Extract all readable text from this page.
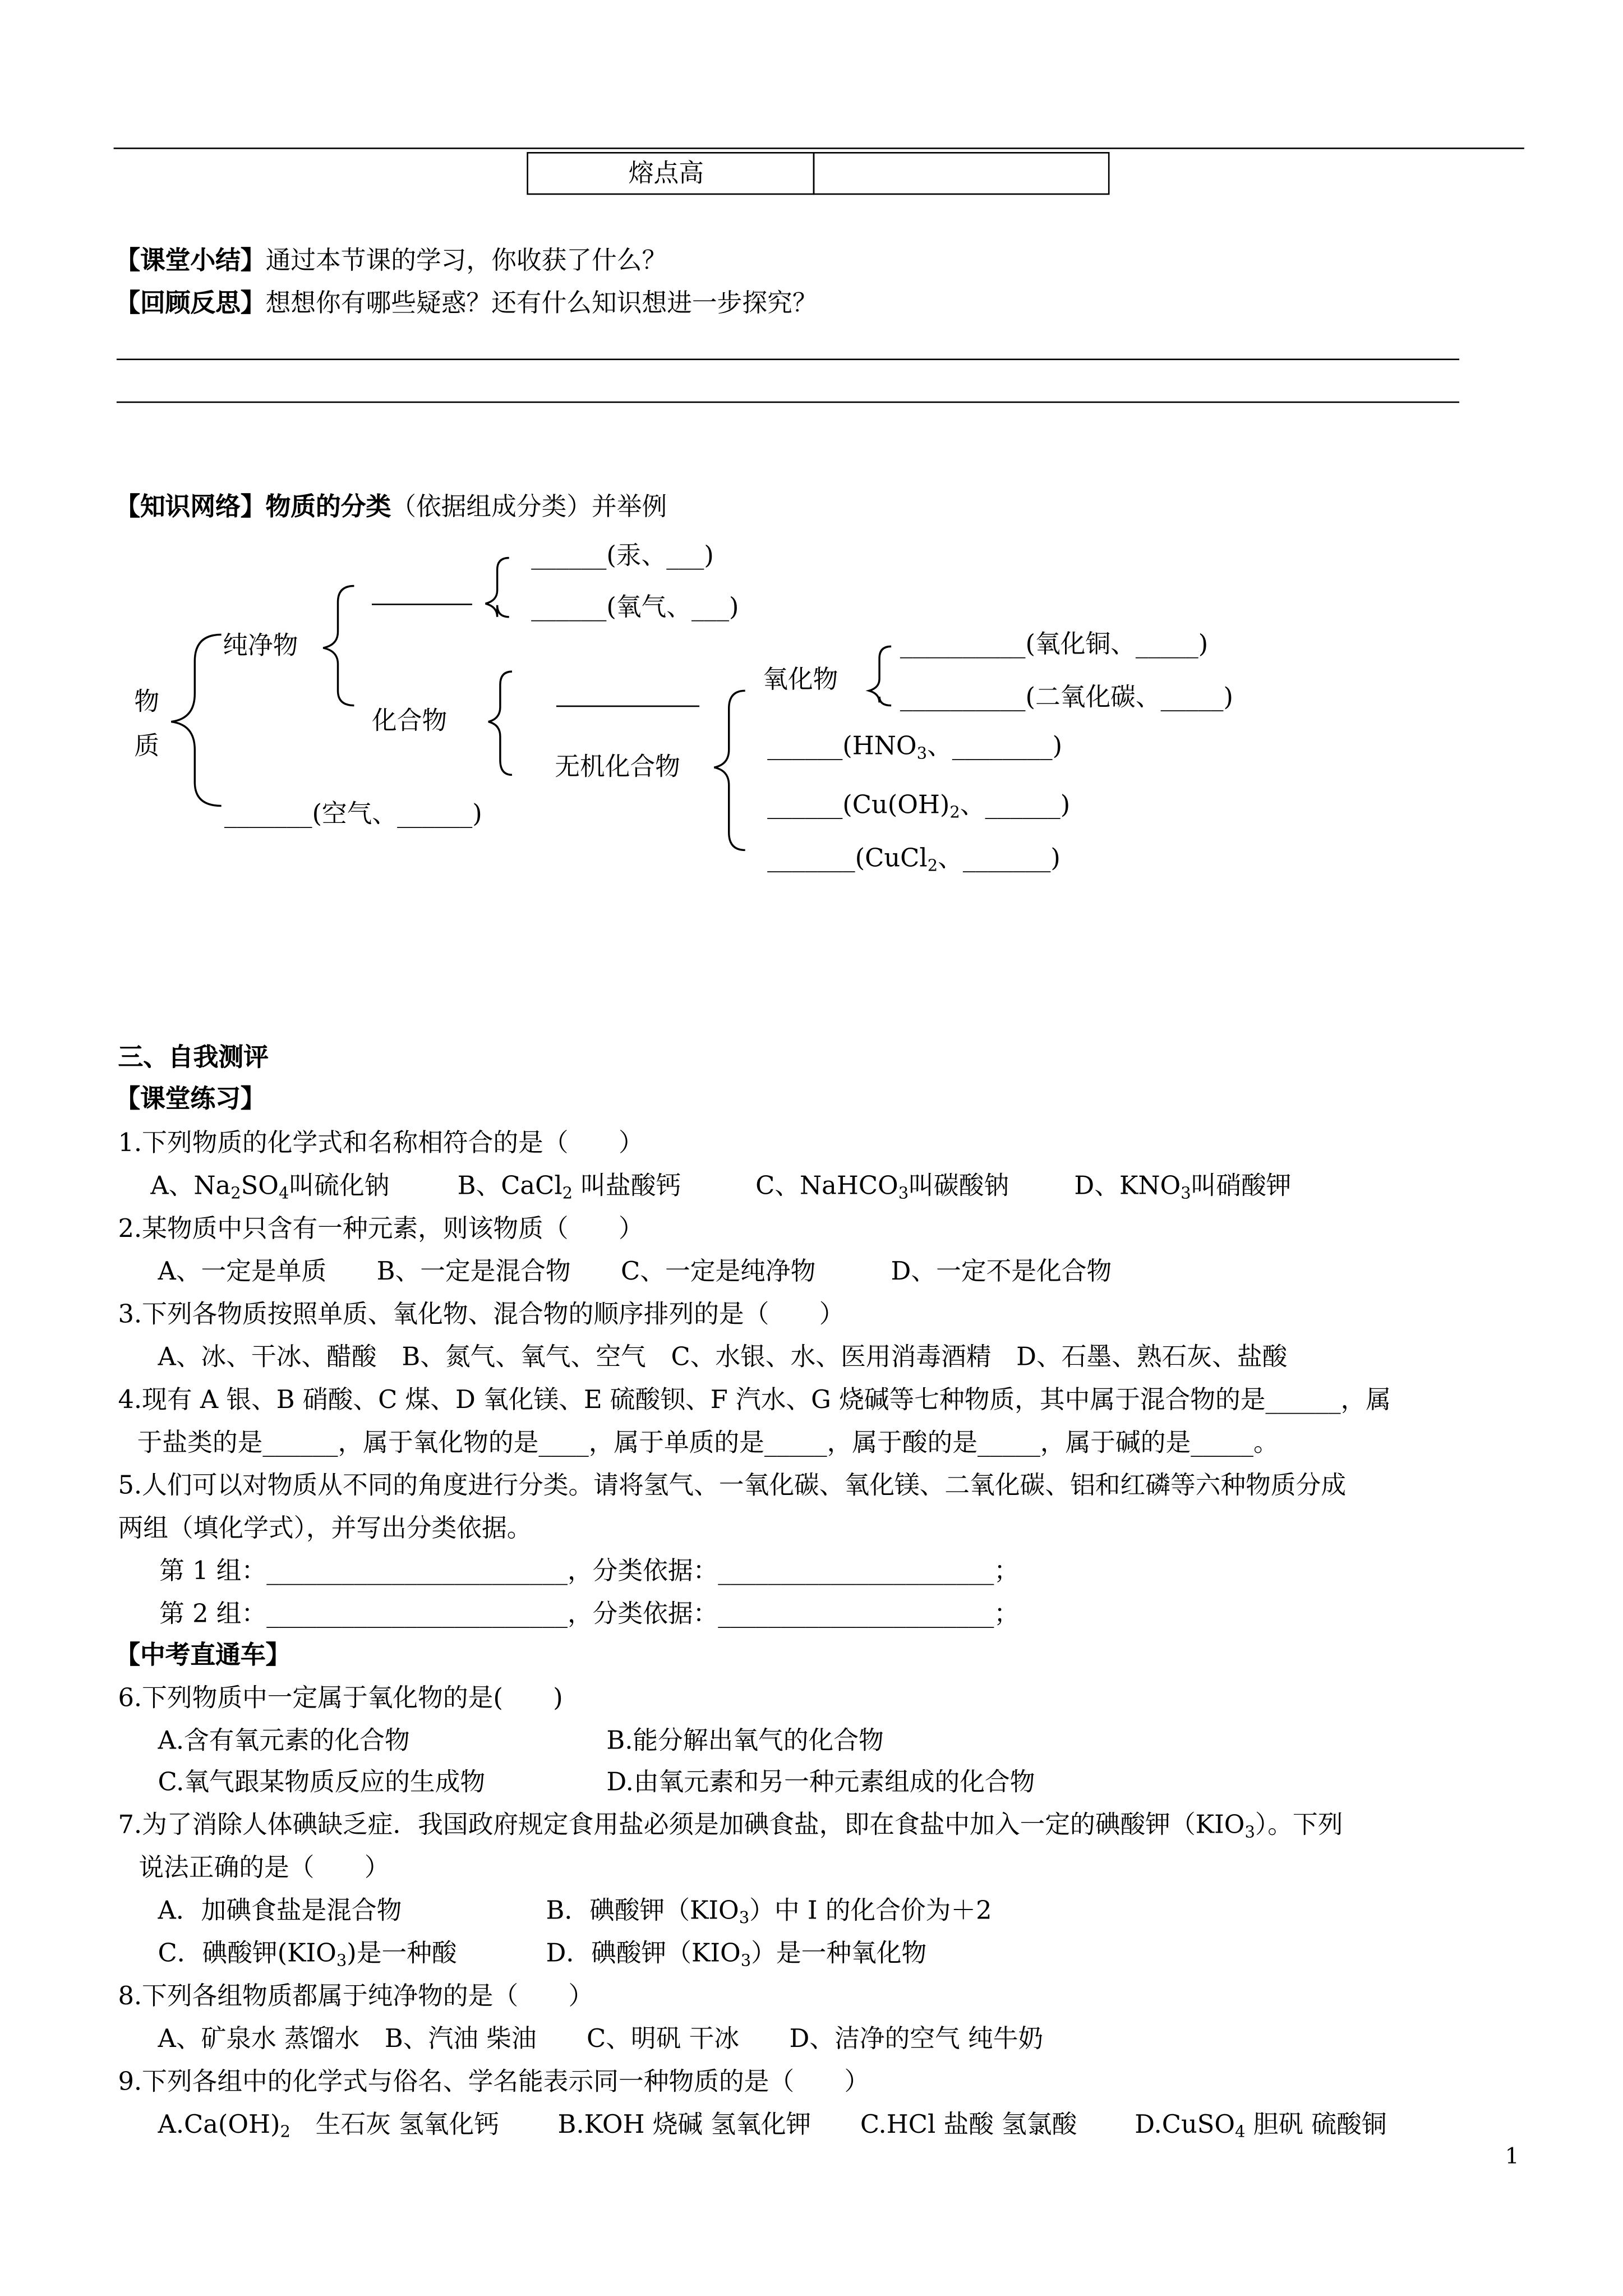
熔点高
【课堂小结】通过本节课的学习，你收获了什么？
【回顾反思】想想你有哪些疑惑？还有什么知识想进一步探究？
【知识网络】物质的分类（依据组成分类）并举例
物
质
纯净物
______(汞、___)
______(氧气、___)
化合物
无机化合物
氧化物
__________(氧化铜、_____)
__________(二氧化碳、_____)
$\_\_\_\_\_\_(HNO_3$、________)
$\_\_\_\_\_\_(Cu(OH)_2$、______)
_______(CuCl$_2$、_______)
_______(空气、______)
三、自我测评
【课堂练习】
1.下列物质的化学式和名称相符合的是（　　）
A、$Na_2SO_4$叫硫化钠	B、CaCl$_2$ 叫盐酸钙	C、NaHCO$_3$叫碳酸钠	D、$KNO_3$叫硝酸钾
2.某物质中只含有一种元素，则该物质（　　）
A、一定是单质　　B、一定是混合物　　C、一定是纯净物　　　D、一定不是化合物
3.下列各物质按照单质、氧化物、混合物的顺序排列的是（　　）
A、冰、干冰、醋酸　B、氮气、氧气、空气　C、水银、水、医用消毒酒精　D、石墨、熟石灰、盐酸
4.现有 A 银、B 硝酸、C 煤、D 氧化镁、E 硫酸钡、F 汽水、G 烧碱等七种物质，其中属于混合物的是______，属
于盐类的是______，属于氧化物的是____，属于单质的是_____，属于酸的是_____，属于碱的是_____。
5.人们可以对物质从不同的角度进行分类。请将氢气、一氧化碳、氧化镁、二氧化碳、铝和红磷等六种物质分成
两组（填化学式），并写出分类依据。
第 1 组：________________________，分类依据：______________________；
第 2 组：________________________，分类依据：______________________；
【中考直通车】
6.下列物质中一定属于氧化物的是(　　)
A.含有氧元素的化合物	B.能分解出氧气的化合物
C.氧气跟某物质反应的生成物	D.由氧元素和另一种元素组成的化合物
7.为了消除人体碘缺乏症．我国政府规定食用盐必须是加碘食盐，即在食盐中加入一定的碘酸钾$(KIO_3)$。下列
说法正确的是（　　）
A．加碘食盐是混合物	B．碘酸钾$(KIO_3)$中 I 的化合价为＋2
C．碘酸钾$(KIO_3)$是一种酸	D．碘酸钾$(KIO_3)$是一种氧化物
8.下列各组物质都属于纯净物的是（　　）
A、矿泉水 蒸馏水　B、汽油 柴油　　C、明矾 干冰　　D、洁净的空气 纯牛奶
9.下列各组中的化学式与俗名、学名能表示同一种物质的是（　　）
$A.Ca(OH)_2$　生石灰 氢氧化钙	B.KOH 烧碱 氢氧化钾	C.HCl 盐酸 氢氯酸	D.CuSO$_4$ 胆矾 硫酸铜
1
